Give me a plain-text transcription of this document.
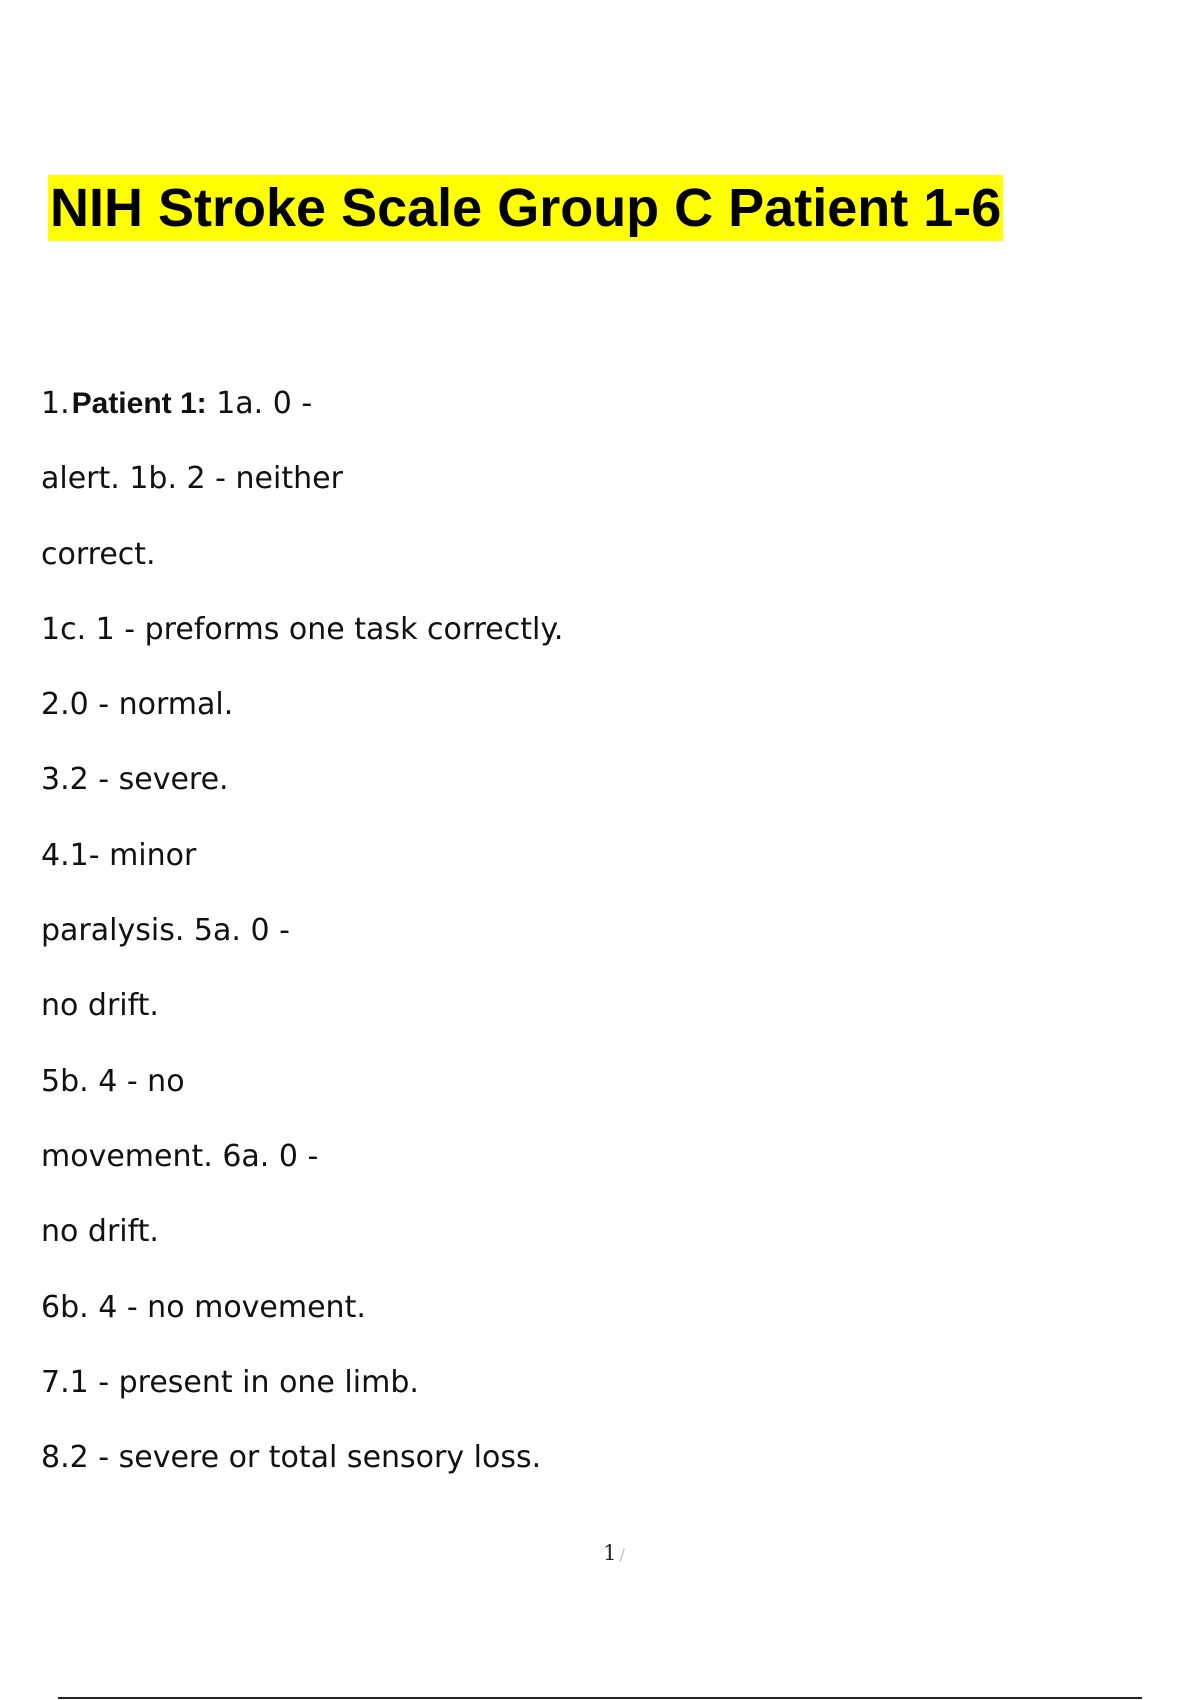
NIH Stroke Scale Group C Patient 1-6
1.Patient 1: 1a. 0 -
alert. 1b. 2 - neither
correct.
1c. 1 - preforms one task correctly.
2.0 - normal.
3.2 - severe.
4.1- minor
paralysis. 5a. 0 -
no drift.
5b. 4 - no
movement. 6a. 0 -
no drift.
6b. 4 - no movement.
7.1 - present in one limb.
8.2 - severe or total sensory loss.
1 /
